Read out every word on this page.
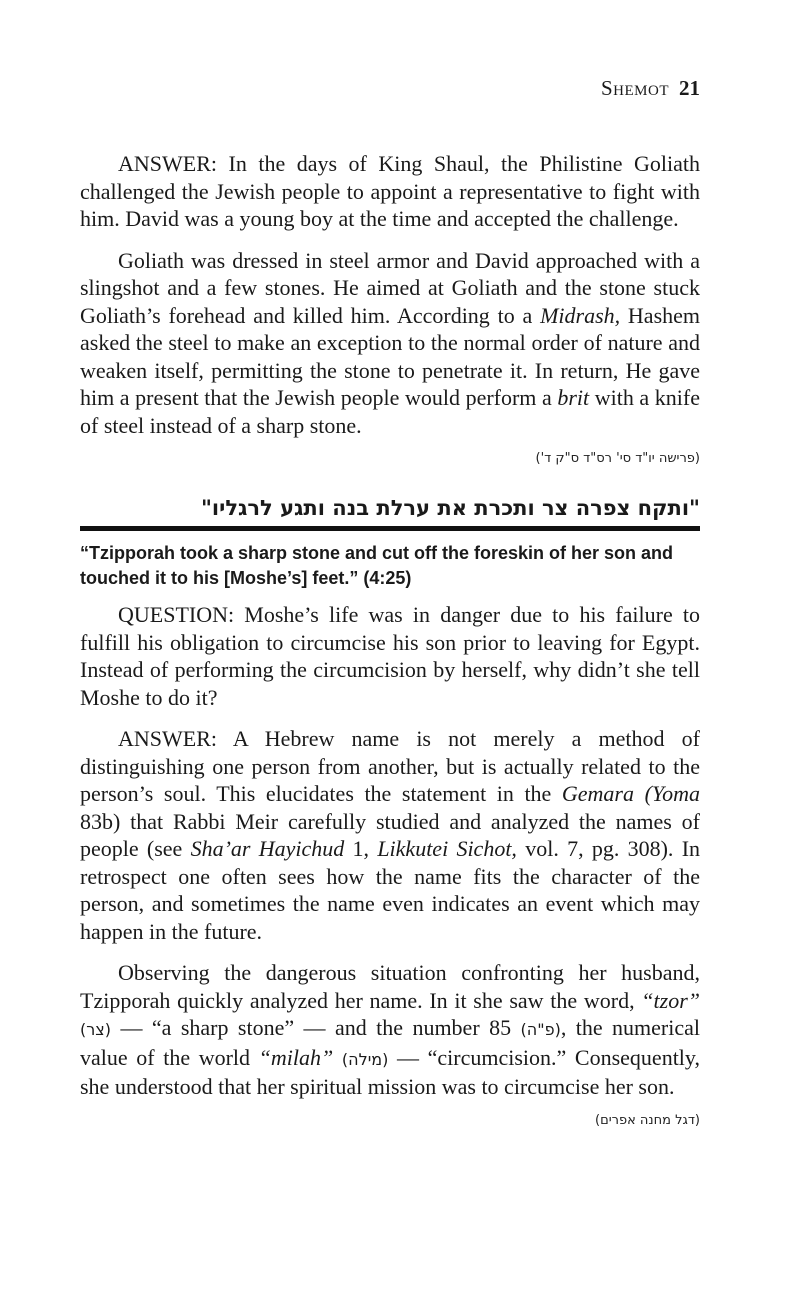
Shemot 21

ANSWER: In the days of King Shaul, the Philistine Goliath challenged the Jewish people to appoint a representative to fight with him. David was a young boy at the time and accepted the challenge.

Goliath was dressed in steel armor and David approached with a slingshot and a few stones. He aimed at Goliath and the stone stuck Goliath’s forehead and killed him. According to a Midrash, Hashem asked the steel to make an exception to the normal order of nature and weaken itself, permitting the stone to penetrate it. In return, He gave him a present that the Jewish people would perform a brit with a knife of steel instead of a sharp stone.

(פרישה יו"ד סי' רס"ד ס"ק ד')
"ותקח צפרה צר ותכרת את ערלת בנה ותגע לרגליו"
“Tzipporah took a sharp stone and cut off the foreskin of her son and touched it to his [Moshe’s] feet.” (4:25)

QUESTION: Moshe’s life was in danger due to his failure to fulfill his obligation to circumcise his son prior to leaving for Egypt. Instead of performing the circumcision by herself, why didn’t she tell Moshe to do it?

ANSWER: A Hebrew name is not merely a method of distinguishing one person from another, but is actually related to the person’s soul. This elucidates the statement in the Gemara (Yoma 83b) that Rabbi Meir carefully studied and analyzed the names of people (see Sha’ar Hayichud 1, Likkutei Sichot, vol. 7, pg. 308). In retrospect one often sees how the name fits the character of the person, and sometimes the name even indicates an event which may happen in the future.

Observing the dangerous situation confronting her husband, Tzipporah quickly analyzed her name. In it she saw the word, “tzor” (צר) — “a sharp stone” — and the number 85 (פ"ה), the numerical value of the world “milah” (מילה) — “circumcision.” Consequently, she understood that her spiritual mission was to circumcise her son.

(דגל מחנה אפרים)
